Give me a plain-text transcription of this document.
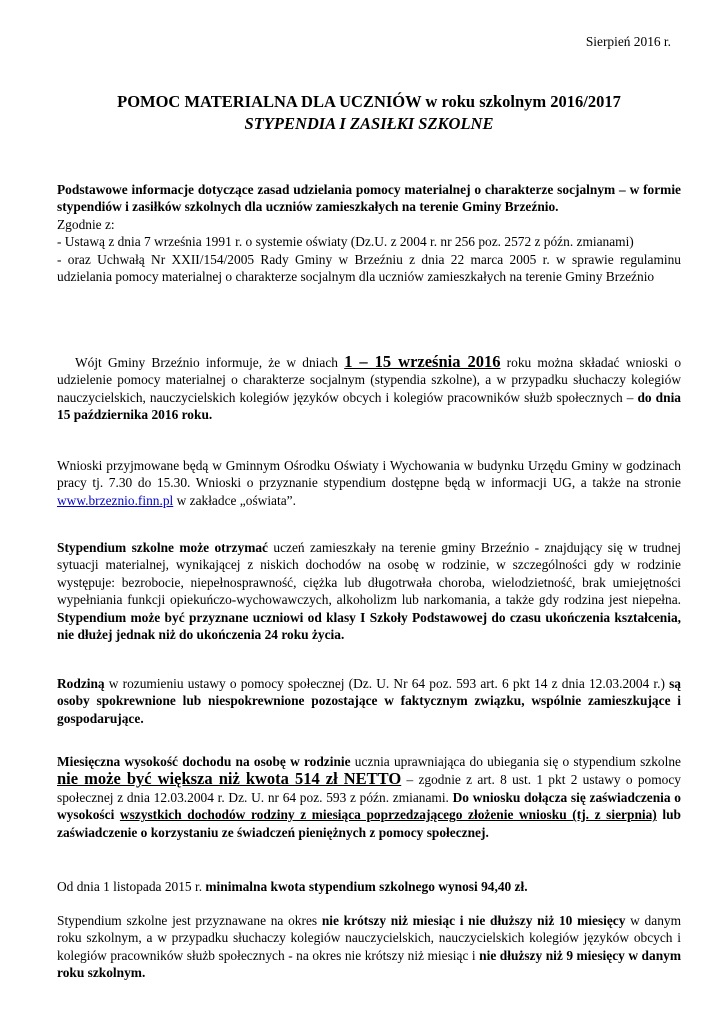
Sierpień 2016 r.
POMOC MATERIALNA DLA UCZNIÓW w roku szkolnym 2016/2017
STYPENDIA I ZASIŁKI SZKOLNE

Podstawowe informacje dotyczące zasad udzielania pomocy materialnej o charakterze socjalnym – w formie stypendiów i zasiłków szkolnych dla uczniów zamieszkałych na terenie Gminy Brzeźnio.

Zgodnie z:

- Ustawą z dnia 7 września 1991 r. o systemie oświaty (Dz.U. z 2004 r. nr 256 poz. 2572 z późn. zmianami)

- oraz Uchwałą Nr XXII/154/2005 Rady Gminy w Brzeźniu z dnia 22 marca 2005 r. w sprawie regulaminu udzielania pomocy materialnej o charakterze socjalnym dla uczniów zamieszkałych na terenie Gminy Brzeźnio

Wójt Gminy Brzeźnio informuje, że w dniach 1 – 15 września 2016 roku można składać wnioski o udzielenie pomocy materialnej o charakterze socjalnym (stypendia szkolne), a w przypadku słuchaczy kolegiów nauczycielskich, nauczycielskich kolegiów języków obcych i kolegiów pracowników służb społecznych – do dnia 15 października 2016 roku.

Wnioski przyjmowane będą w Gminnym Ośrodku Oświaty i Wychowania w budynku Urzędu Gminy w godzinach pracy tj. 7.30 do 15.30. Wnioski o przyznanie stypendium dostępne będą w informacji UG, a także na stronie www.brzeznio.finn.pl w zakładce „oświata”.

Stypendium szkolne może otrzymać uczeń zamieszkały na terenie gminy Brzeźnio - znajdujący się w trudnej sytuacji materialnej, wynikającej z niskich dochodów na osobę w rodzinie, w szczególności gdy w rodzinie występuje: bezrobocie, niepełnosprawność, ciężka lub długotrwała choroba, wielodzietność, brak umiejętności wypełniania funkcji opiekuńczo-wychowawczych, alkoholizm lub narkomania, a także gdy rodzina jest niepełna. Stypendium może być przyznane uczniowi od klasy I Szkoły Podstawowej do czasu ukończenia kształcenia, nie dłużej jednak niż do ukończenia 24 roku życia.

Rodziną w rozumieniu ustawy o pomocy społecznej (Dz. U. Nr 64 poz. 593 art. 6 pkt 14 z dnia 12.03.2004 r.) są osoby spokrewnione lub niespokrewnione pozostające w faktycznym związku, wspólnie zamieszkujące i gospodarujące.

Miesięczna wysokość dochodu na osobę w rodzinie ucznia uprawniająca do ubiegania się o stypendium szkolne nie może być większa niż kwota 514 zł NETTO – zgodnie z art. 8 ust. 1 pkt 2 ustawy o pomocy społecznej z dnia 12.03.2004 r. Dz. U. nr 64 poz. 593 z późn. zmianami. Do wniosku dołącza się zaświadczenia o wysokości wszystkich dochodów rodziny z miesiąca poprzedzającego złożenie wniosku (tj. z sierpnia) lub zaświadczenie o korzystaniu ze świadczeń pieniężnych z pomocy społecznej.

Od dnia 1 listopada 2015 r. minimalna kwota stypendium szkolnego wynosi 94,40 zł.

Stypendium szkolne jest przyznawane na okres nie krótszy niż miesiąc i nie dłuższy niż 10 miesięcy w danym roku szkolnym, a w przypadku słuchaczy kolegiów nauczycielskich, nauczycielskich kolegiów języków obcych i kolegiów pracowników służb społecznych - na okres nie krótszy niż miesiąc i nie dłuższy niż 9 miesięcy w danym roku szkolnym.
